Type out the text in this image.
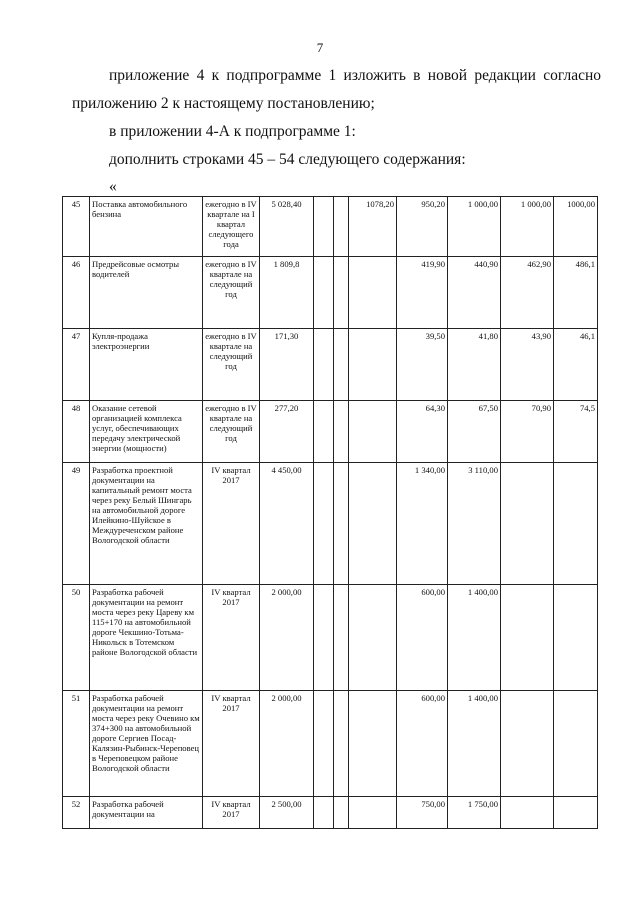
7
приложение 4 к подпрограмме 1 изложить в новой редакции согласно
приложению 2 к настоящему постановлению;
в приложении 4-А к подпрограмме 1:
дополнить строками 45 – 54 следующего содержания:
«
45	Поставка автомобильного бензина	ежегодно в IV квартале на I квартал следующего года	5 028,40			1078,20	950,20	1 000,00	1 000,00	1000,00
46	Предрейсовые осмотры водителей	ежегодно в IV квартале на следующий год	1 809,8				419,90	440,90	462,90	486,1
47	Купля-продажа электроэнергии	ежегодно в IV квартале на следующий год	171,30				39,50	41,80	43,90	46,1
48	Оказание сетевой организацией комплекса услуг, обеспечивающих передачу электрической энергии (мощности)	ежегодно в IV квартале на следующий год	277,20				64,30	67,50	70,90	74,5
49	Разработка проектной документации на капитальный ремонт моста через реку Белый Шингарь на автомобильной дороге Илейкино-Шуйское в Междуреченском районе Вологодской области	IV квартал 2017	4 450,00				1 340,00	3 110,00		
50	Разработка рабочей документации на ремонт моста через реку Цареву км 115+170 на автомобильной дороге Чекшино-Тотьма-Никольск в Тотемском районе Вологодской области	IV квартал 2017	2 000,00				600,00	1 400,00		
51	Разработка рабочей документации на ремонт моста через реку Очевино км 374+300 на автомобильной дороге Сергиев Посад-Калязин-Рыбинск-Череповец в Череповецком районе Вологодской области	IV квартал 2017	2 000,00				600,00	1 400,00		
52	Разработка рабочей документации на	IV квартал 2017	2 500,00				750,00	1 750,00		
